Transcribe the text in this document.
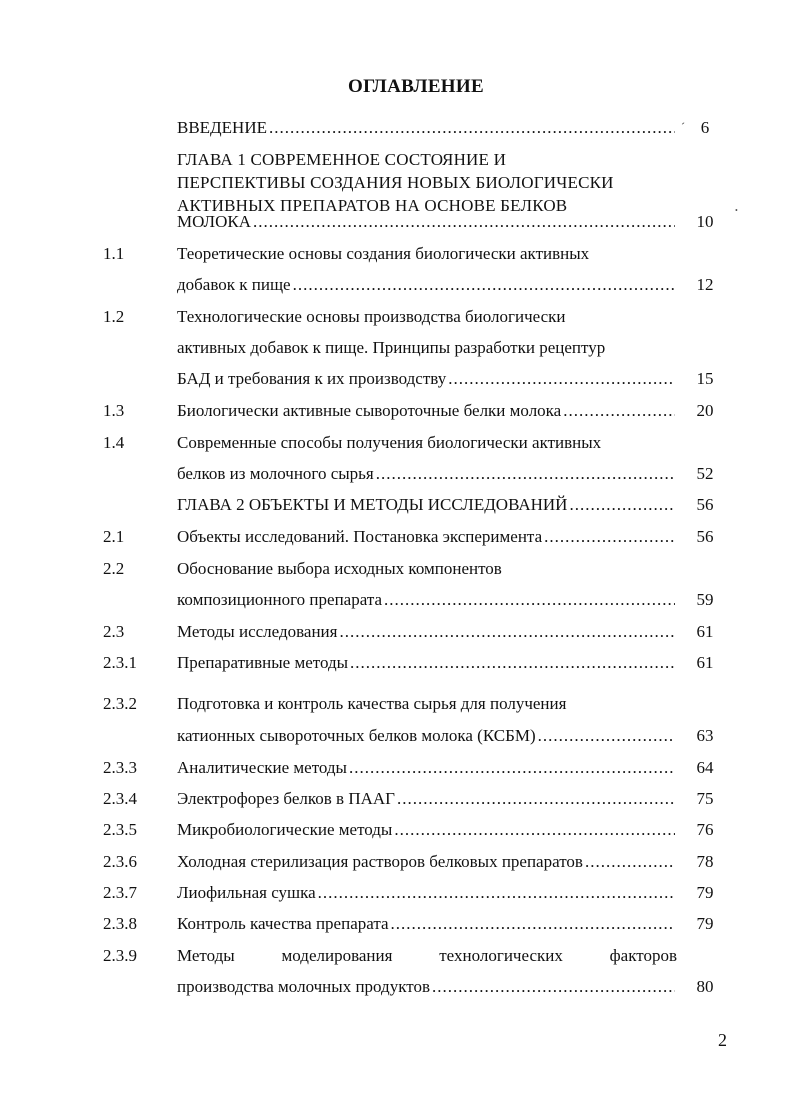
ОГЛАВЛЕНИЕ
ˊ
•
ВВЕДЕНИЕ .....	6
ГЛАВА 1 СОВРЕМЕННОЕ СОСТОЯНИЕ И
ПЕРСПЕКТИВЫ СОЗДАНИЯ НОВЫХ БИОЛОГИЧЕСКИ
АКТИВНЫХ ПРЕПАРАТОВ НА ОСНОВЕ БЕЛКОВ
МОЛОКА .....	10
1.1	Теоретические основы создания биологически активных
добавок к пище .....	12
1.2	Технологические основы производства биологически
активных добавок к пище. Принципы разработки рецептур
БАД и требования к их производству .....	15
1.3	Биологически активные сывороточные белки молока .....	20
1.4	Современные способы получения биологически активных
белков из молочного сырья .....	52
ГЛАВА 2 ОБЪЕКТЫ И МЕТОДЫ ИССЛЕДОВАНИЙ .....	56
2.1	Объекты исследований. Постановка эксперимента .....	56
2.2	Обоснование выбора исходных компонентов
композиционного препарата .....	59
2.3	Методы исследования .....	61
2.3.1 Препаративные методы .....	61
2.3.2 Подготовка и контроль качества сырья для получения
катионных сывороточных белков молока (КСБМ) .....	63
2.3.3 Аналитические методы .....	64
2.3.4 Электрофорез белков в ПААГ .....	75
2.3.5 Микробиологические методы .....	76
2.3.6 Холодная стерилизация растворов белковых препаратов .....	78
2.3.7 Лиофильная сушка .....	79
2.3.8 Контроль качества препарата .....	79
2.3.9 Методы	моделирования	технологических	факторов
производства молочных продуктов .....	80
2
